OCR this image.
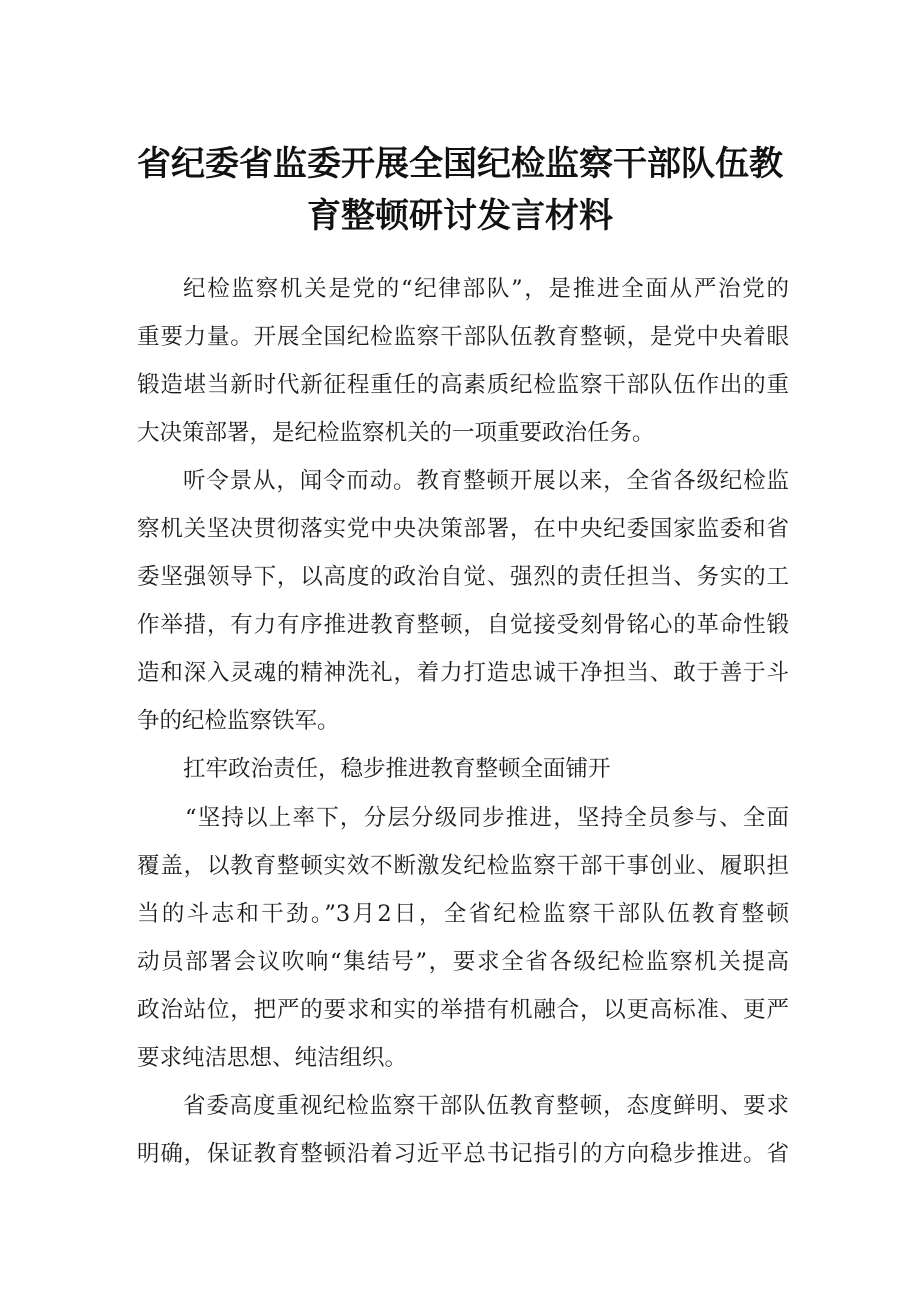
省纪委省监委开展全国纪检监察干部队伍教
育整顿研讨发言材料
纪检监察机关是党的“纪律部队”，是推进全面从严治党的
重要力量。开展全国纪检监察干部队伍教育整顿，是党中央着眼
锻造堪当新时代新征程重任的高素质纪检监察干部队伍作出的重
大决策部署，是纪检监察机关的一项重要政治任务。
听令景从，闻令而动。教育整顿开展以来，全省各级纪检监
察机关坚决贯彻落实党中央决策部署，在中央纪委国家监委和省
委坚强领导下，以高度的政治自觉、强烈的责任担当、务实的工
作举措，有力有序推进教育整顿，自觉接受刻骨铭心的革命性锻
造和深入灵魂的精神洗礼，着力打造忠诚干净担当、敢于善于斗
争的纪检监察铁军。
扛牢政治责任，稳步推进教育整顿全面铺开
“坚持以上率下，分层分级同步推进，坚持全员参与、全面
覆盖，以教育整顿实效不断激发纪检监察干部干事创业、履职担
当的斗志和干劲。”3月2日，全省纪检监察干部队伍教育整顿
动员部署会议吹响“集结号”，要求全省各级纪检监察机关提高
政治站位，把严的要求和实的举措有机融合，以更高标准、更严
要求纯洁思想、纯洁组织。
省委高度重视纪检监察干部队伍教育整顿，态度鲜明、要求
明确，保证教育整顿沿着习近平总书记指引的方向稳步推进。省
